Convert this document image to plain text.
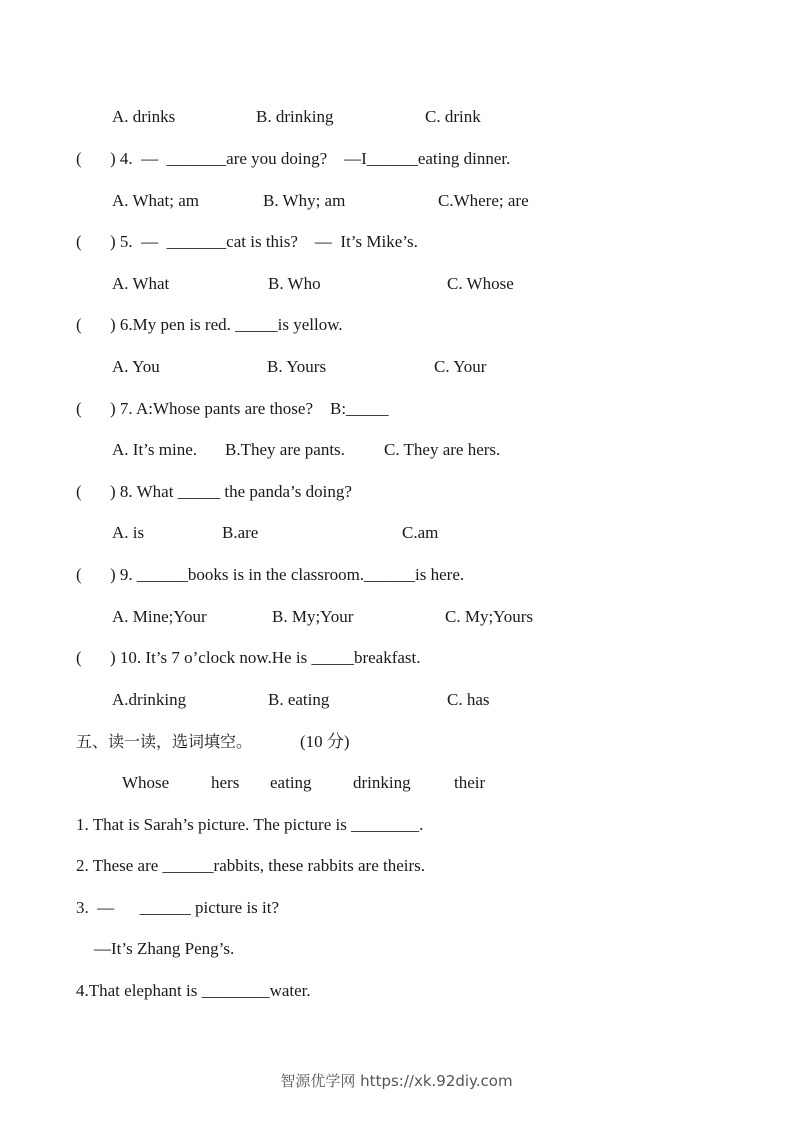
A. drinks	B. drinking	C. drink
( ) 4.  —  _______are you doing?    —I______eating dinner.
A. What; am	B. Why; am	C.Where; are
( ) 5.  —  _______cat is this?    —  It’s Mike’s.
A. What	B. Who	C. Whose
( ) 6.My pen is red. _____is yellow.
A. You	B. Yours	C. Your
( ) 7. A:Whose pants are those?    B:_____
A. It’s mine. B.They are pants. C. They are hers.
( ) 8. What _____ the panda’s doing?
A. is	B.are	C.am
( ) 9. ______books is in the classroom.______is here.
A. Mine;Your	B. My;Your	C. My;Yours
( ) 10. It’s 7 o’clock now.He is _____breakfast.
A.drinking	B. eating	C. has
五、读一读，选词填空。	(10 分)
Whose hers eating drinking	their
1. That is Sarah’s picture. The picture is ________.
2. These are ______rabbits, these rabbits are theirs.
3.  —      ______ picture is it?
—It’s Zhang Peng’s.
4.That elephant is ________water.
智源优学网 https://xk.92diy.com
